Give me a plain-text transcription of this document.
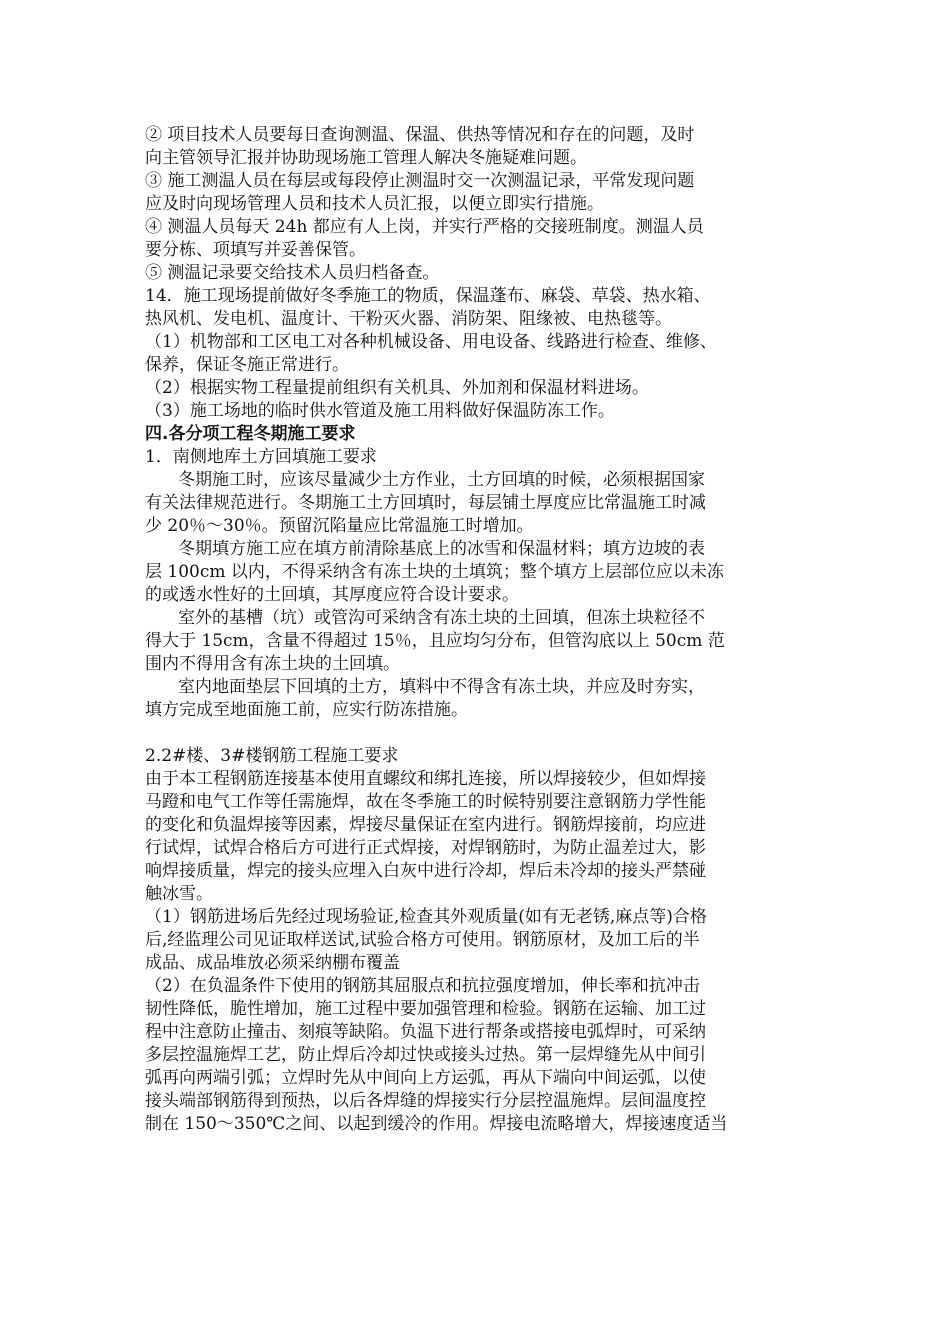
② 项目技术人员要每日查询测温、保温、供热等情况和存在的问题，及时
向主管领导汇报并协助现场施工管理人解决冬施疑难问题。
③ 施工测温人员在每层或每段停止测温时交一次测温记录，平常发现问题
应及时向现场管理人员和技术人员汇报，以便立即实行措施。
④ 测温人员每天 24h 都应有人上岗，并实行严格的交接班制度。测温人员
要分栋、项填写并妥善保管。
⑤ 测温记录要交给技术人员归档备查。
14．施工现场提前做好冬季施工的物质，保温蓬布、麻袋、草袋、热水箱、
热风机、发电机、温度计、干粉灭火器、消防架、阻缘被、电热毯等。
（1）机物部和工区电工对各种机械设备、用电设备、线路进行检查、维修、
保养，保证冬施正常进行。
（2）根据实物工程量提前组织有关机具、外加剂和保温材料进场。
（3）施工场地的临时供水管道及施工用料做好保温防冻工作。
四.各分项工程冬期施工要求
1．南侧地库土方回填施工要求
冬期施工时，应该尽量减少土方作业，土方回填的时候，必须根据国家
有关法律规范进行。冬期施工土方回填时，每层铺土厚度应比常温施工时减
少 20％～30％。预留沉陷量应比常温施工时增加。
冬期填方施工应在填方前清除基底上的冰雪和保温材料；填方边坡的表
层 100cm 以内，不得采纳含有冻土块的土填筑；整个填方上层部位应以未冻
的或透水性好的土回填，其厚度应符合设计要求。
室外的基槽（坑）或管沟可采纳含有冻土块的土回填，但冻土块粒径不
得大于 15cm，含量不得超过 15％，且应均匀分布，但管沟底以上 50cm 范
围内不得用含有冻土块的土回填。
室内地面垫层下回填的土方，填料中不得含有冻土块，并应及时夯实，
填方完成至地面施工前，应实行防冻措施。
2.2#楼、3#楼钢筋工程施工要求
由于本工程钢筋连接基本使用直螺纹和绑扎连接，所以焊接较少，但如焊接
马蹬和电气工作等任需施焊，故在冬季施工的时候特别要注意钢筋力学性能
的变化和负温焊接等因素，焊接尽量保证在室内进行。钢筋焊接前，均应进
行试焊，试焊合格后方可进行正式焊接，对焊钢筋时，为防止温差过大，影
响焊接质量，焊完的接头应埋入白灰中进行冷却，焊后未冷却的接头严禁碰
触冰雪。
（1）钢筋进场后先经过现场验证,检查其外观质量(如有无老锈,麻点等)合格
后,经监理公司见证取样送试,试验合格方可使用。钢筋原材，及加工后的半
成品、成品堆放必须采纳棚布覆盖
（2）在负温条件下使用的钢筋其屈服点和抗拉强度增加，伸长率和抗冲击
韧性降低，脆性增加，施工过程中要加强管理和检验。钢筋在运输、加工过
程中注意防止撞击、刻痕等缺陷。负温下进行帮条或搭接电弧焊时，可采纳
多层控温施焊工艺，防止焊后冷却过快或接头过热。第一层焊缝先从中间引
弧再向两端引弧；立焊时先从中间向上方运弧，再从下端向中间运弧，以使
接头端部钢筋得到预热，以后各焊缝的焊接实行分层控温施焊。层间温度控
制在 150～350℃之间、以起到缓冷的作用。焊接电流略增大，焊接速度适当
